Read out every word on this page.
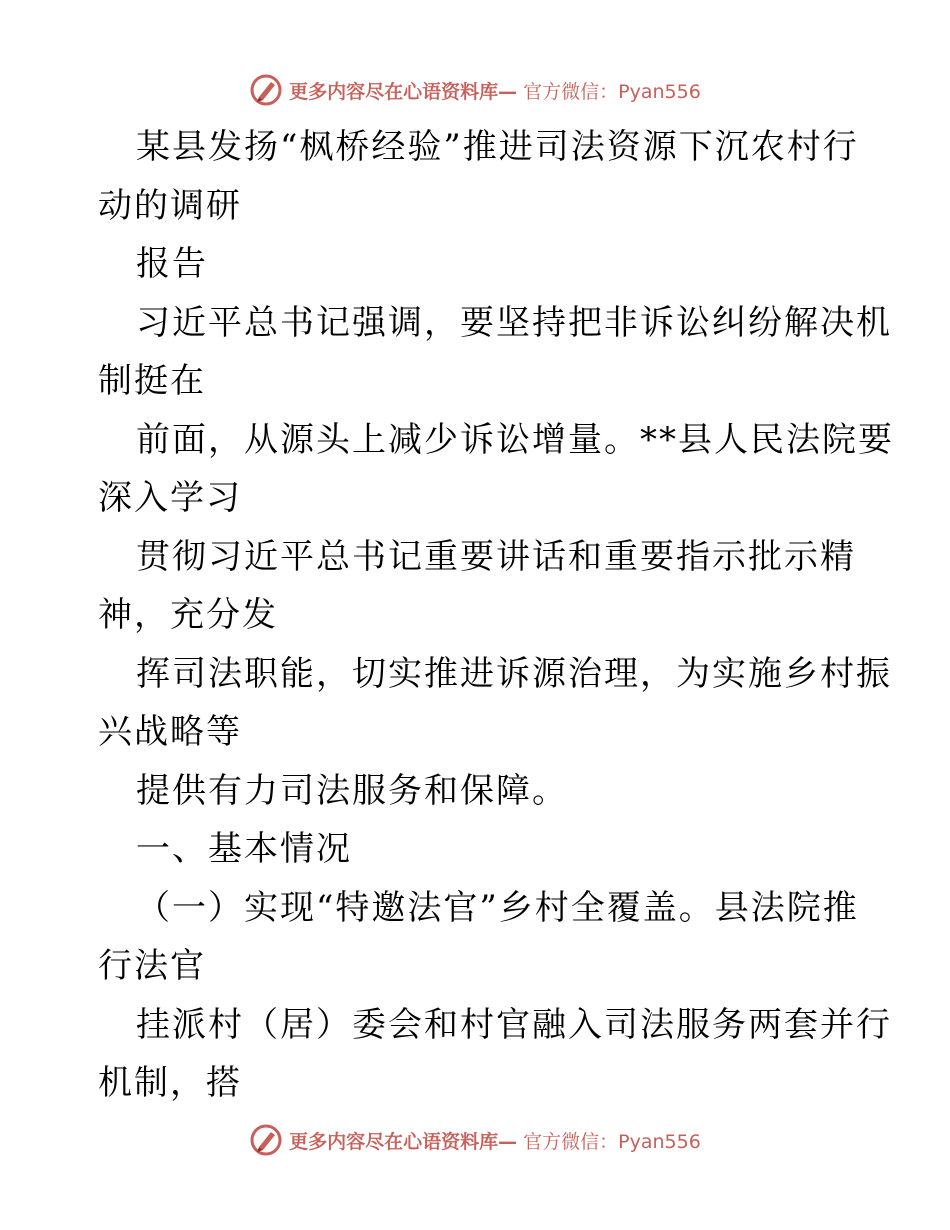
更多内容尽在心语资料库— 官方微信：Pyan556
某县发扬“枫桥经验”推进司法资源下沉农村行
动的调研
报告
习近平总书记强调，要坚持把非诉讼纠纷解决机
制挺在
前面，从源头上减少诉讼增量。**县人民法院要
深入学习
贯彻习近平总书记重要讲话和重要指示批示精
神，充分发
挥司法职能，切实推进诉源治理，为实施乡村振
兴战略等
提供有力司法服务和保障。
一、基本情况
（一）实现“特邀法官”乡村全覆盖。县法院推
行法官
挂派村（居）委会和村官融入司法服务两套并行
机制，搭
更多内容尽在心语资料库— 官方微信：Pyan556
